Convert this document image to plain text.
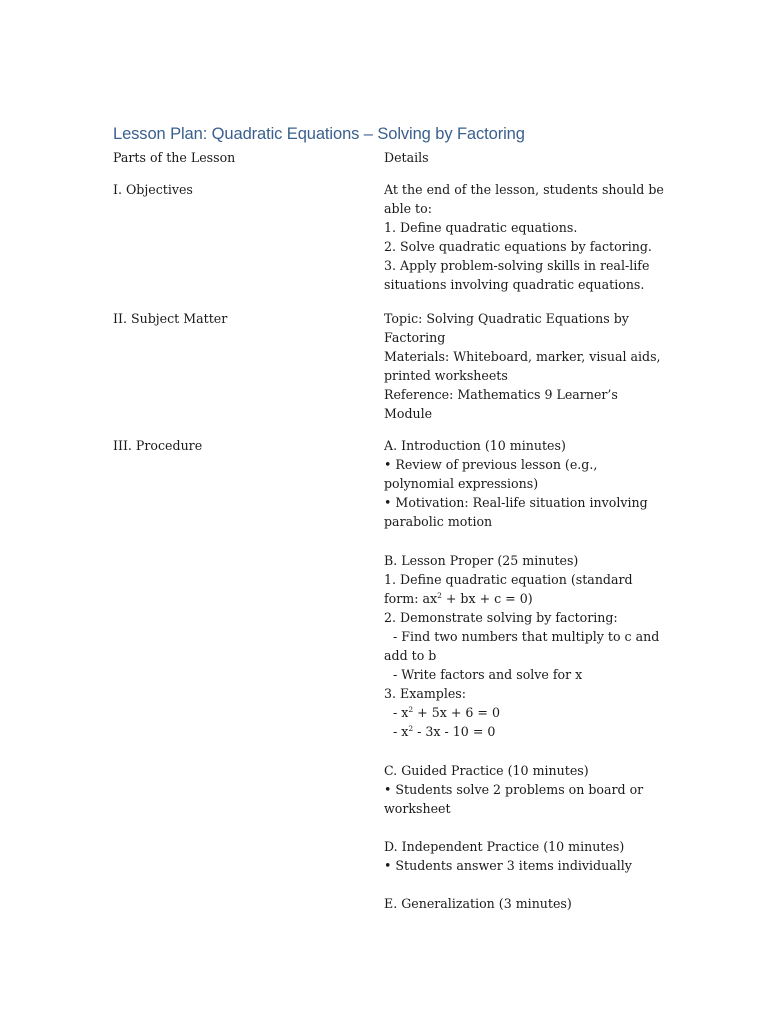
Lesson Plan: Quadratic Equations – Solving by Factoring
Parts of the Lesson	Details
I. Objectives	At the end of the lesson, students should be
able to:
1. Define quadratic equations.
2. Solve quadratic equations by factoring.
3. Apply problem-solving skills in real-life
situations involving quadratic equations.
II. Subject Matter	Topic: Solving Quadratic Equations by
Factoring
Materials: Whiteboard, marker, visual aids,
printed worksheets
Reference: Mathematics 9 Learner’s
Module
III. Procedure	A. Introduction (10 minutes)
• Review of previous lesson (e.g.,
polynomial expressions)
• Motivation: Real-life situation involving
parabolic motion
B. Lesson Proper (25 minutes)
1. Define quadratic equation (standard
form: $ax^2$ + bx + c = 0)
2. Demonstrate solving by factoring:
- Find two numbers that multiply to c and
add to b
- Write factors and solve for x
3. Examples:
- $x^2 + 5x + 6 = 0$
- $x^2 - 3x - 10 = 0$
C. Guided Practice (10 minutes)
• Students solve 2 problems on board or
worksheet
D. Independent Practice (10 minutes)
• Students answer 3 items individually
E. Generalization (3 minutes)
